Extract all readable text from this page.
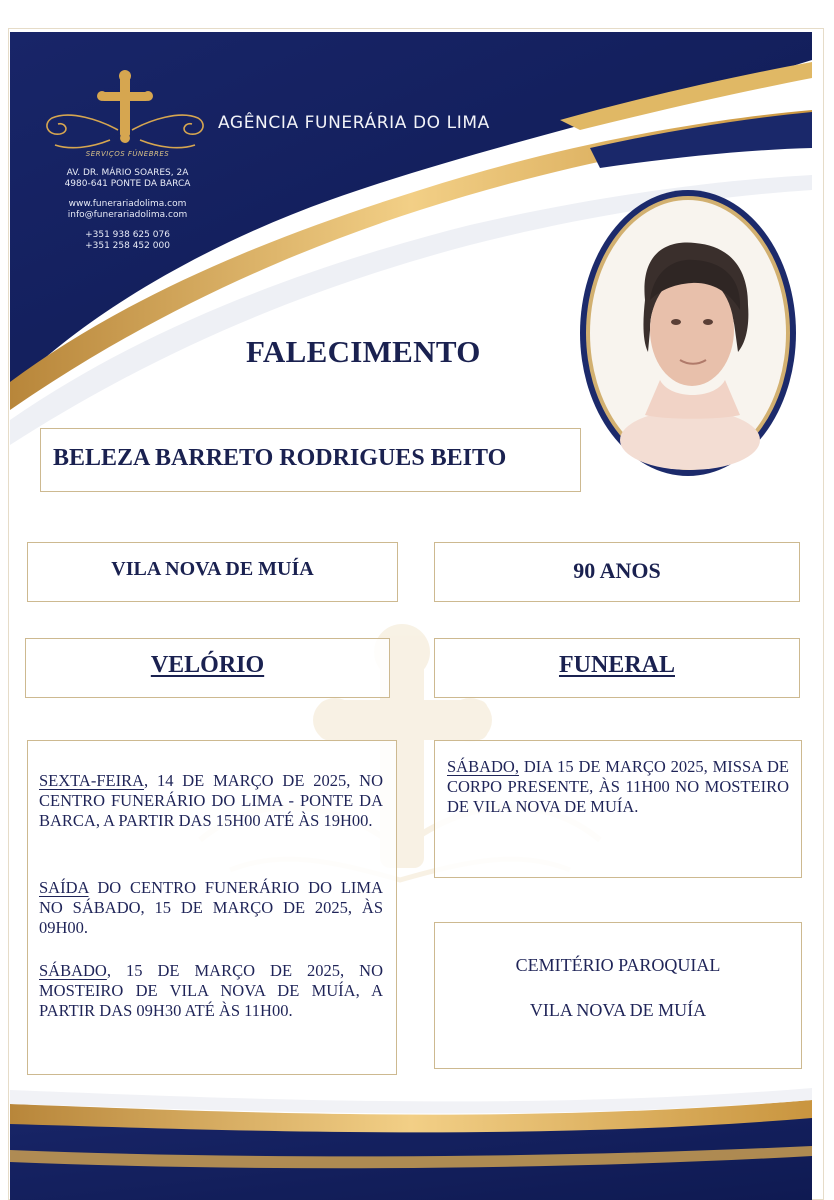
SERVIÇOS FÚNEBRES
AV. DR. MÁRIO SOARES, 2A
4980-641 PONTE DA BARCA
www.funerariadolima.com
info@funerariadolima.com
+351 938 625 076
+351 258 452 000
AGÊNCIA FUNERÁRIA DO LIMA
FALECIMENTO
BELEZA BARRETO RODRIGUES BEITO
VILA NOVA DE MUÍA	90 ANOS
VELÓRIO	FUNERAL

SEXTA-FEIRA, 14 DE MARÇO DE 2025, NO CENTRO FUNERÁRIO DO LIMA - PONTE DA BARCA, A PARTIR DAS 15H00 ATÉ ÀS 19H00.

SAÍDA DO CENTRO FUNERÁRIO DO LIMA NO SÁBADO, 15 DE MARÇO DE 2025, ÀS 09H00.

SÁBADO, 15 DE MARÇO DE 2025, NO MOSTEIRO DE VILA NOVA DE MUÍA, A PARTIR DAS 09H30 ATÉ ÀS 11H00.

SÁBADO, DIA 15 DE MARÇO 2025, MISSA DE CORPO PRESENTE, ÀS 11H00 NO MOSTEIRO DE VILA NOVA DE MUÍA.

CEMITÉRIO PAROQUIAL
VILA NOVA DE MUÍA
